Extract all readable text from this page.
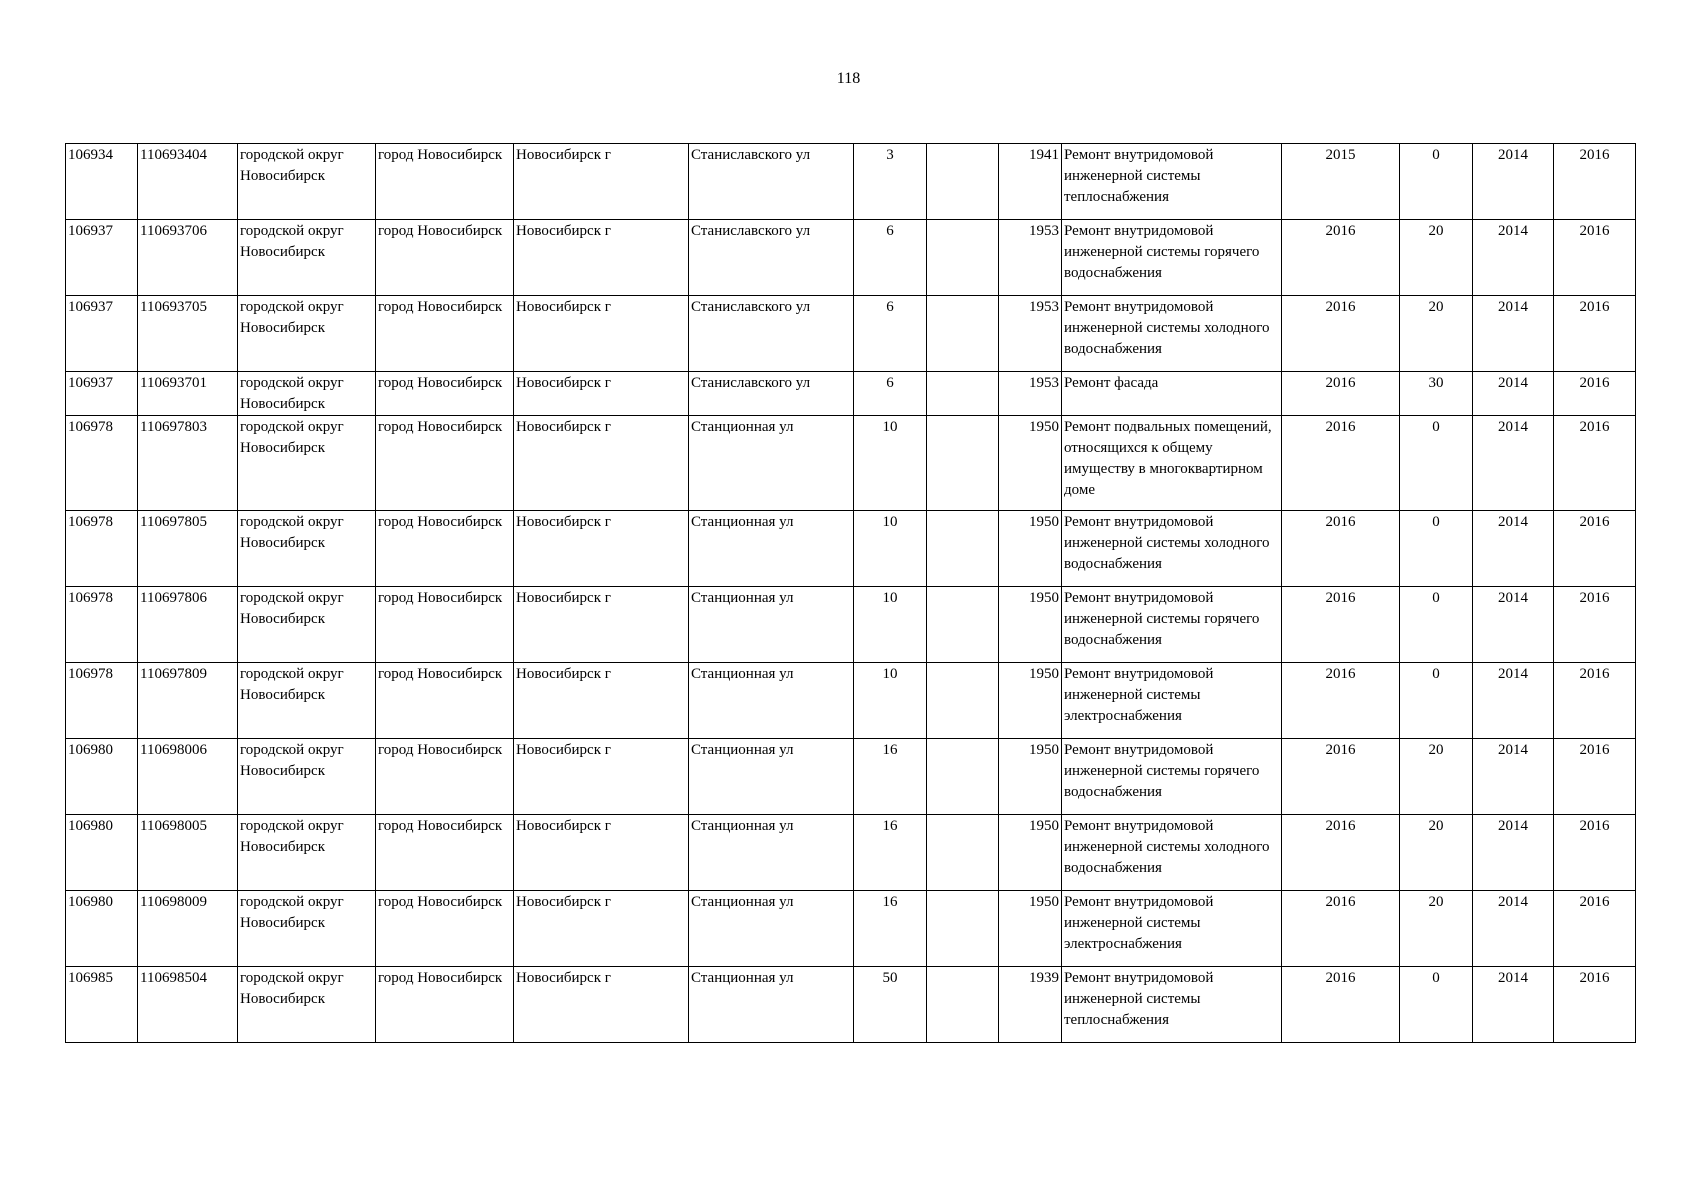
118
106934	110693404	городской округ Новосибирск	город Новосибирск	Новосибирск г	Станиславского ул	3		1941	Ремонт внутридомовой инженерной системы теплоснабжения	2015	0	2014	2016
106937	110693706	городской округ Новосибирск	город Новосибирск	Новосибирск г	Станиславского ул	6		1953	Ремонт внутридомовой инженерной системы горячего водоснабжения	2016	20	2014	2016
106937	110693705	городской округ Новосибирск	город Новосибирск	Новосибирск г	Станиславского ул	6		1953	Ремонт внутридомовой инженерной системы холодного водоснабжения	2016	20	2014	2016
106937	110693701	городской округ Новосибирск	город Новосибирск	Новосибирск г	Станиславского ул	6		1953	Ремонт фасада	2016	30	2014	2016
106978	110697803	городской округ Новосибирск	город Новосибирск	Новосибирск г	Станционная ул	10		1950	Ремонт подвальных помещений, относящихся к общему имуществу в многоквартирном доме	2016	0	2014	2016
106978	110697805	городской округ Новосибирск	город Новосибирск	Новосибирск г	Станционная ул	10		1950	Ремонт внутридомовой инженерной системы холодного водоснабжения	2016	0	2014	2016
106978	110697806	городской округ Новосибирск	город Новосибирск	Новосибирск г	Станционная ул	10		1950	Ремонт внутридомовой инженерной системы горячего водоснабжения	2016	0	2014	2016
106978	110697809	городской округ Новосибирск	город Новосибирск	Новосибирск г	Станционная ул	10		1950	Ремонт внутридомовой инженерной системы электроснабжения	2016	0	2014	2016
106980	110698006	городской округ Новосибирск	город Новосибирск	Новосибирск г	Станционная ул	16		1950	Ремонт внутридомовой инженерной системы горячего водоснабжения	2016	20	2014	2016
106980	110698005	городской округ Новосибирск	город Новосибирск	Новосибирск г	Станционная ул	16		1950	Ремонт внутридомовой инженерной системы холодного водоснабжения	2016	20	2014	2016
106980	110698009	городской округ Новосибирск	город Новосибирск	Новосибирск г	Станционная ул	16		1950	Ремонт внутридомовой инженерной системы электроснабжения	2016	20	2014	2016
106985	110698504	городской округ Новосибирск	город Новосибирск	Новосибирск г	Станционная ул	50		1939	Ремонт внутридомовой инженерной системы теплоснабжения	2016	0	2014	2016
